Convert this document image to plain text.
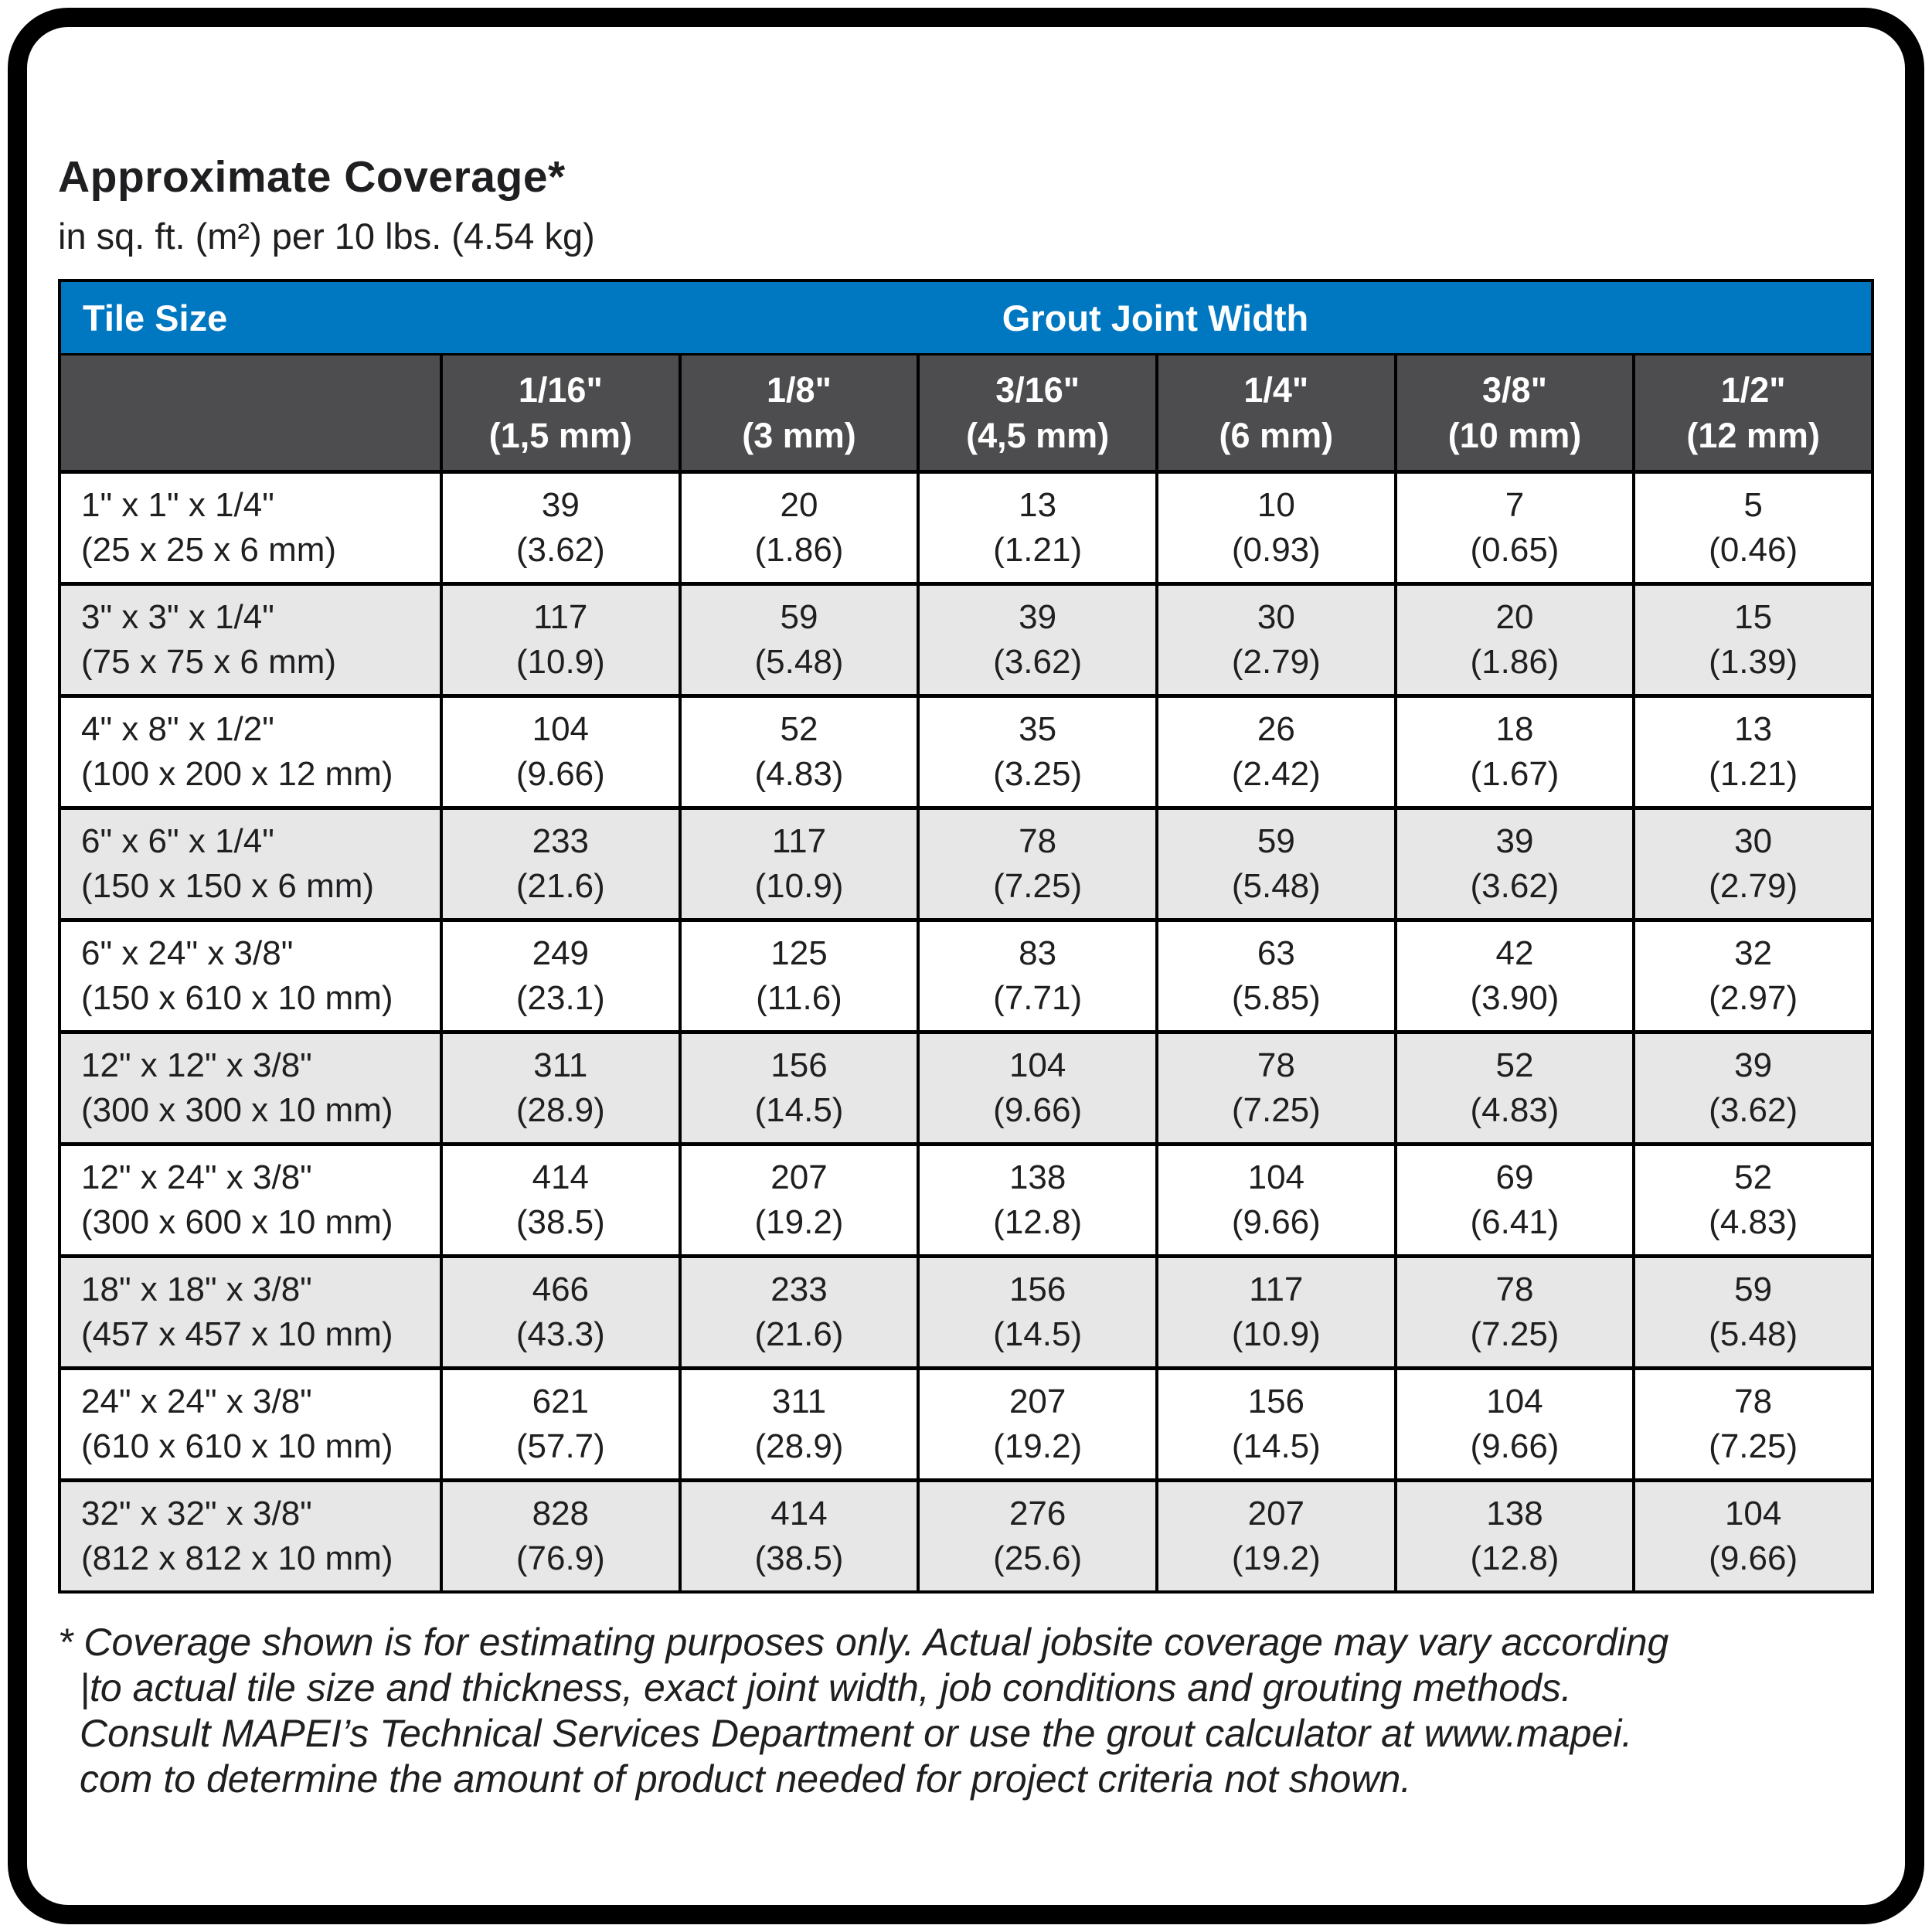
Approximate Coverage*
in sq. ft. (m²) per 10 lbs. (4.54 kg)
Tile Size	Grout Joint Width
1/16"
(1,5 mm)
1/8"
(3 mm)
3/16"
(4,5 mm)
1/4"
(6 mm)
3/8"
(10 mm)
1/2"
(12 mm)
1" x 1" x 1/4"
(25 x 25 x 6 mm)
39
(3.62)
20
(1.86)
13
(1.21)
10
(0.93)
7
(0.65)
5
(0.46)
3" x 3" x 1/4"
(75 x 75 x 6 mm)
117
(10.9)
59
(5.48)
39
(3.62)
30
(2.79)
20
(1.86)
15
(1.39)
4" x 8" x 1/2"
(100 x 200 x 12 mm)
104
(9.66)
52
(4.83)
35
(3.25)
26
(2.42)
18
(1.67)
13
(1.21)
6" x 6" x 1/4"
(150 x 150 x 6 mm)
233
(21.6)
117
(10.9)
78
(7.25)
59
(5.48)
39
(3.62)
30
(2.79)
6" x 24" x 3/8"
(150 x 610 x 10 mm)
249
(23.1)
125
(11.6)
83
(7.71)
63
(5.85)
42
(3.90)
32
(2.97)
12" x 12" x 3/8"
(300 x 300 x 10 mm)
311
(28.9)
156
(14.5)
104
(9.66)
78
(7.25)
52
(4.83)
39
(3.62)
12" x 24" x 3/8"
(300 x 600 x 10 mm)
414
(38.5)
207
(19.2)
138
(12.8)
104
(9.66)
69
(6.41)
52
(4.83)
18" x 18" x 3/8"
(457 x 457 x 10 mm)
466
(43.3)
233
(21.6)
156
(14.5)
117
(10.9)
78
(7.25)
59
(5.48)
24" x 24" x 3/8"
(610 x 610 x 10 mm)
621
(57.7)
311
(28.9)
207
(19.2)
156
(14.5)
104
(9.66)
78
(7.25)
32" x 32" x 3/8"
(812 x 812 x 10 mm)
828
(76.9)
414
(38.5)
276
(25.6)
207
(19.2)
138
(12.8)
104
(9.66)
* Coverage shown is for estimating purposes only. Actual jobsite coverage may vary according
|to actual tile size and thickness, exact joint width, job conditions and grouting methods.
Consult MAPEI’s Technical Services Department or use the grout calculator at www.mapei.
com to determine the amount of product needed for project criteria not shown.
